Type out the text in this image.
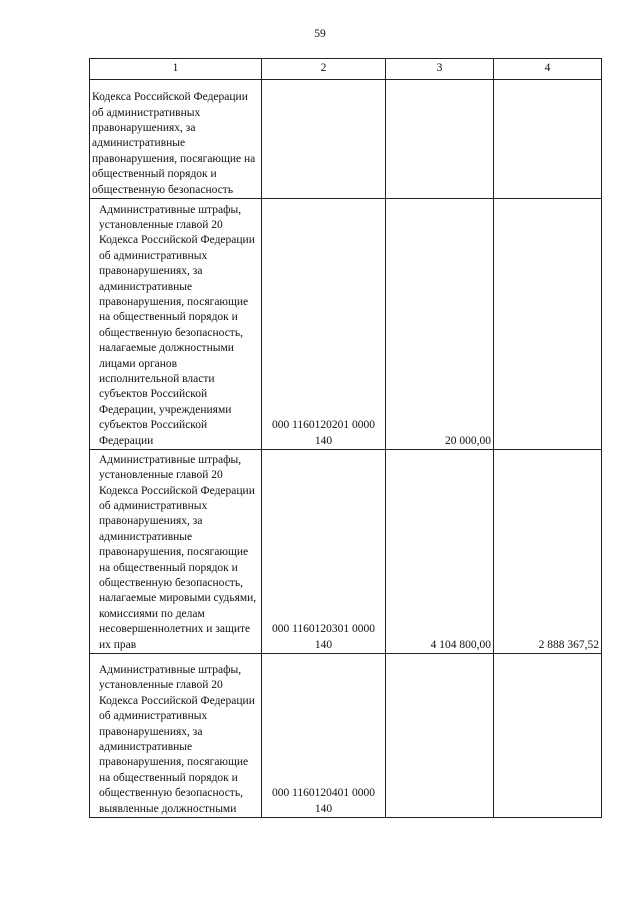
59
1	2	3	4
Кодекса Российской Федерации об административных правонарушениях, за административные правонарушения, посягающие на общественный порядок и общественную безопасность			

Административные штрафы, установленные главой 20 Кодекса Российской Федерации об административных правонарушениях, за административные правонарушения, посягающие на общественный порядок и общественную безопасность, налагаемые должностными лицами органов исполнительной власти субъектов Российской Федерации, учреждениями субъектов Российской Федерации	000 1160120201 0000 140	20 000,00	

Административные штрафы, установленные главой 20 Кодекса Российской Федерации об административных правонарушениях, за административные правонарушения, посягающие на общественный порядок и общественную безопасность, налагаемые мировыми судьями, комиссиями по делам несовершеннолетних и защите их прав	000 1160120301 0000 140	4 104 800,00	2 888 367,52

Административные штрафы, установленные главой 20 Кодекса Российской Федерации об административных правонарушениях, за административные правонарушения, посягающие на общественный порядок и общественную безопасность, выявленные должностными	000 1160120401 0000 140		
